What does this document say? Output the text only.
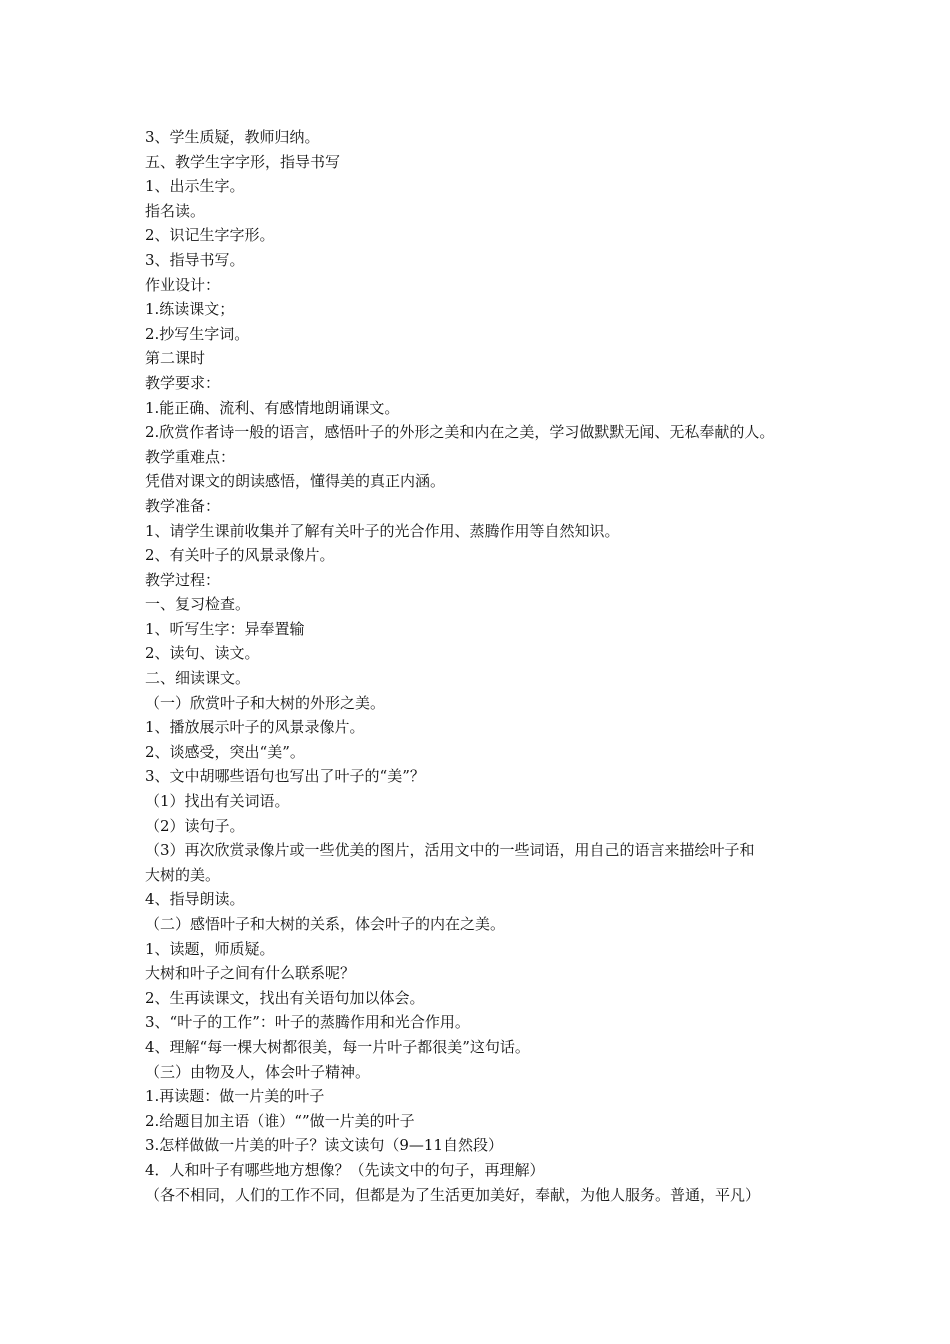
3、学生质疑，教师归纳。

五、教学生字字形，指导书写

1、出示生字。

指名读。

2、识记生字字形。

3、指导书写。

作业设计：

1.练读课文；

2.抄写生字词。

第二课时

教学要求：

1.能正确、流利、有感情地朗诵课文。

2.欣赏作者诗一般的语言，感悟叶子的外形之美和内在之美，学习做默默无闻、无私奉献的人。

教学重难点：

凭借对课文的朗读感悟，懂得美的真正内涵。

教学准备：

1、请学生课前收集并了解有关叶子的光合作用、蒸腾作用等自然知识。

2、有关叶子的风景录像片。

教学过程：

一、复习检查。

1、听写生字：异奉置输

2、读句、读文。

二、细读课文。

（一）欣赏叶子和大树的外形之美。

1、播放展示叶子的风景录像片。

2、谈感受，突出“美”。

3、文中胡哪些语句也写出了叶子的“美”？

（1）找出有关词语。

（2）读句子。

（3）再次欣赏录像片或一些优美的图片，活用文中的一些词语，用自己的语言来描绘叶子和

大树的美。

4、指导朗读。

（二）感悟叶子和大树的关系，体会叶子的内在之美。

1、读题，师质疑。

大树和叶子之间有什么联系呢？

2、生再读课文，找出有关语句加以体会。

3、“叶子的工作”：叶子的蒸腾作用和光合作用。

4、理解“每一棵大树都很美，每一片叶子都很美”这句话。

（三）由物及人，体会叶子精神。

1.再读题：做一片美的叶子

2.给题目加主语（谁）“”做一片美的叶子

3.怎样做做一片美的叶子？读文读句（9—11自然段）

4．人和叶子有哪些地方想像？（先读文中的句子，再理解）

（各不相同，人们的工作不同，但都是为了生活更加美好，奉献，为他人服务。普通，平凡）
